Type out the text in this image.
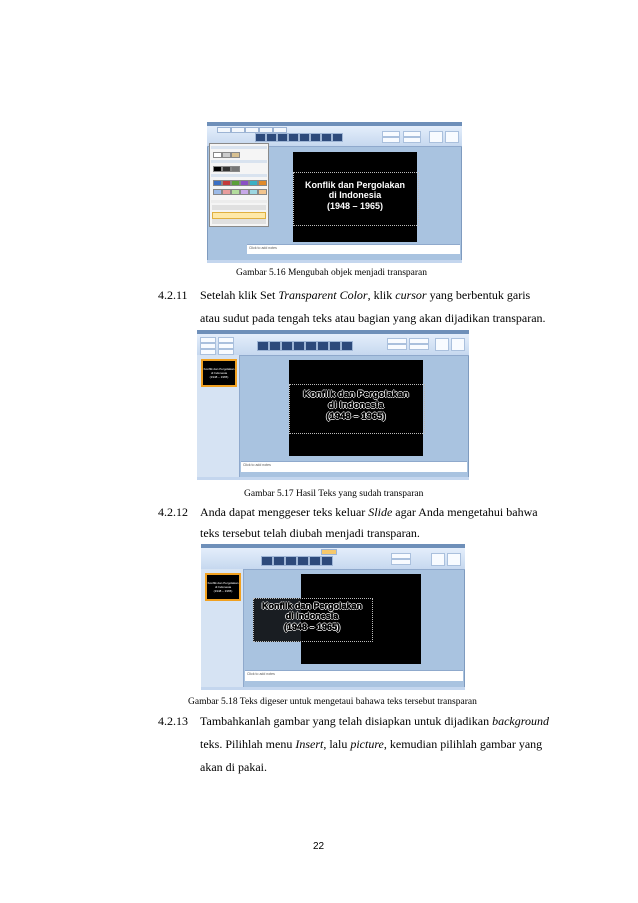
Konflik dan Pergolakan
di Indonesia
(1948 – 1965)
Click to add notes
Gambar 5.16 Mengubah objek menjadi transparan
4.2.11 Setelah klik Set Transparent Color, klik cursor yang berbentuk garis
atau sudut pada tengah teks atau bagian yang akan dijadikan transparan.
Konflik dan Pergolakan
di Indonesia
(1948 – 1965)
Konflik dan Pergolakan
di Indonesia
(1948 – 1965)
Click to add notes
Gambar 5.17 Hasil Teks yang sudah transparan
4.2.12 Anda dapat menggeser teks keluar Slide agar Anda mengetahui bahwa
teks tersebut telah diubah menjadi transparan.
Konflik dan Pergolakan
di Indonesia
(1948 – 1965)
Konflik dan Pergolakan
di Indonesia
(1948 – 1965)
Click to add notes
Gambar 5.18 Teks digeser untuk mengetaui bahawa teks tersebut transparan
4.2.13 Tambahkanlah gambar yang telah disiapkan untuk dijadikan background
teks. Pilihlah menu Insert, lalu picture, kemudian pilihlah gambar yang
akan di pakai.
22
